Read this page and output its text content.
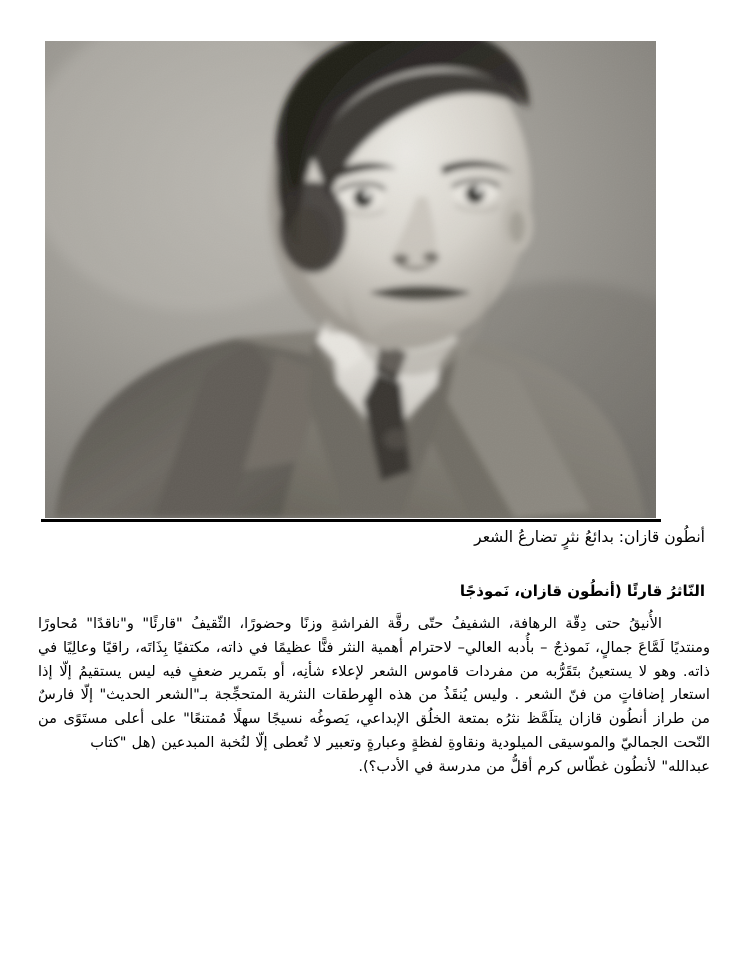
أنطُون قازان: بدائعُ نثرٍ تضارعُ الشعر
النّاثرُ قارئًا (أنطُون قازان، نَموذجًا
الأُنيقُ حتى دِقّة الرهافة، الشفيفُ حتّى رقَّة الفراشةِ وزنًا وحضورًا، الثّقيفُ "قارئًا" و"ناقدًا" مُحاورًا ومنتديًا لَمَّاعَ جمالٍ، نَموذجٌ – بأُدبه العالي– لاحترام أهمية النثر فنًّا عظيمًا في ذاته، مكتفيًا بِذَاتَه، راقيًا وعالِيًا في ذاته. وهو لا يستعينُ بتَقَرُّبه من مفردات قاموس الشعر لإعلاء شأنِه، أو بتَمرير ضعفٍ فيه ليس يستقيمُ إلّا إذا استعار إضافاتٍ من فنّ الشعر . وليس يُنقَذُ من هذه الهِرطقات النثرية المتحجِّجة بـ"الشعر الحديث" إلّا فارسٌ من طراز أنطُون قازان يتلَمَّظ نثرُه بمتعة الخلُق الإبداعي، يَصوغُه نسيجًا سهلًا مُمتنعًا" على أعلى مستَوًى من النّحت الجماليّ والموسيقى الميلودية ونقاوةِ لفظةٍ وعبارةٍ وتعبير لا تُعطى إلّا لنُخبة المبدعين (هل "كتاب
عبدالله" لأنطُون غطّاس كرم أقلُّ من مدرسة في الأدب؟).
